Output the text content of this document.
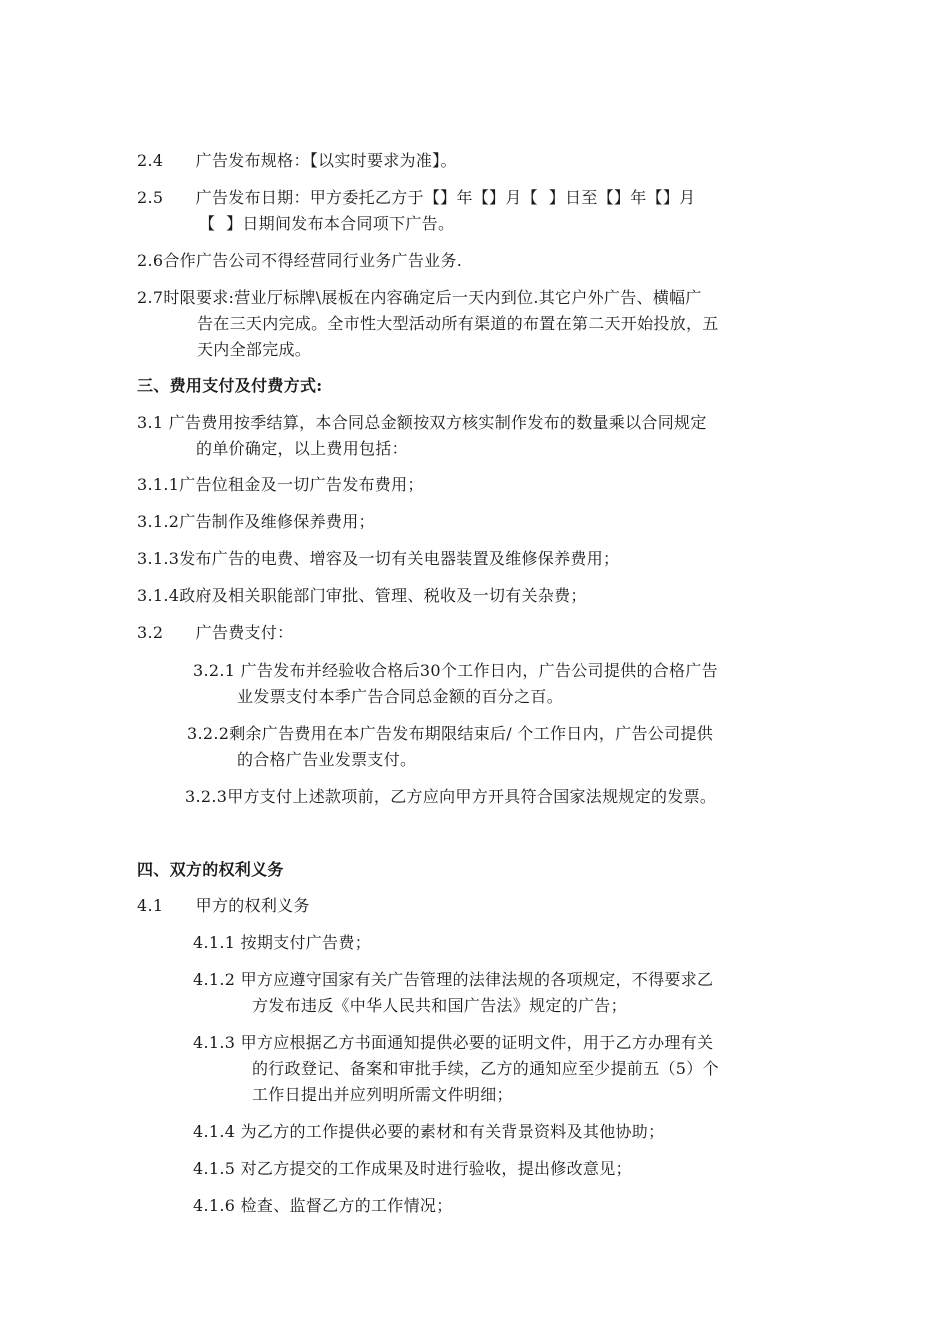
2.4      广告发布规格：【以实时要求为准】。
2.5      广告发布日期：甲方委托乙方于【】年【】月【  】日至【】年【】月
【  】日期间发布本合同项下广告。
2.6合作广告公司不得经营同行业务广告业务.
2.7时限要求:营业厅标牌\展板在内容确定后一天内到位.其它户外广告、横幅广
告在三天内完成。全市性大型活动所有渠道的布置在第二天开始投放，五
天内全部完成。
三、费用支付及付费方式:
3.1 广告费用按季结算，本合同总金额按双方核实制作发布的数量乘以合同规定
的单价确定，以上费用包括：
3.1.1广告位租金及一切广告发布费用；
3.1.2广告制作及维修保养费用；
3.1.3发布广告的电费、增容及一切有关电器装置及维修保养费用；
3.1.4政府及相关职能部门审批、管理、税收及一切有关杂费；
3.2      广告费支付：
3.2.1 广告发布并经验收合格后30个工作日内，广告公司提供的合格广告
业发票支付本季广告合同总金额的百分之百。
3.2.2剩余广告费用在本广告发布期限结束后/ 个工作日内，广告公司提供
的合格广告业发票支付。
3.2.3甲方支付上述款项前，乙方应向甲方开具符合国家法规规定的发票。
四、双方的权利义务
4.1      甲方的权利义务
4.1.1 按期支付广告费；
4.1.2 甲方应遵守国家有关广告管理的法律法规的各项规定，不得要求乙
方发布违反《中华人民共和国广告法》规定的广告；
4.1.3 甲方应根据乙方书面通知提供必要的证明文件，用于乙方办理有关
的行政登记、备案和审批手续，乙方的通知应至少提前五（5）个
工作日提出并应列明所需文件明细；
4.1.4 为乙方的工作提供必要的素材和有关背景资料及其他协助；
4.1.5 对乙方提交的工作成果及时进行验收，提出修改意见；
4.1.6 检查、监督乙方的工作情况；
